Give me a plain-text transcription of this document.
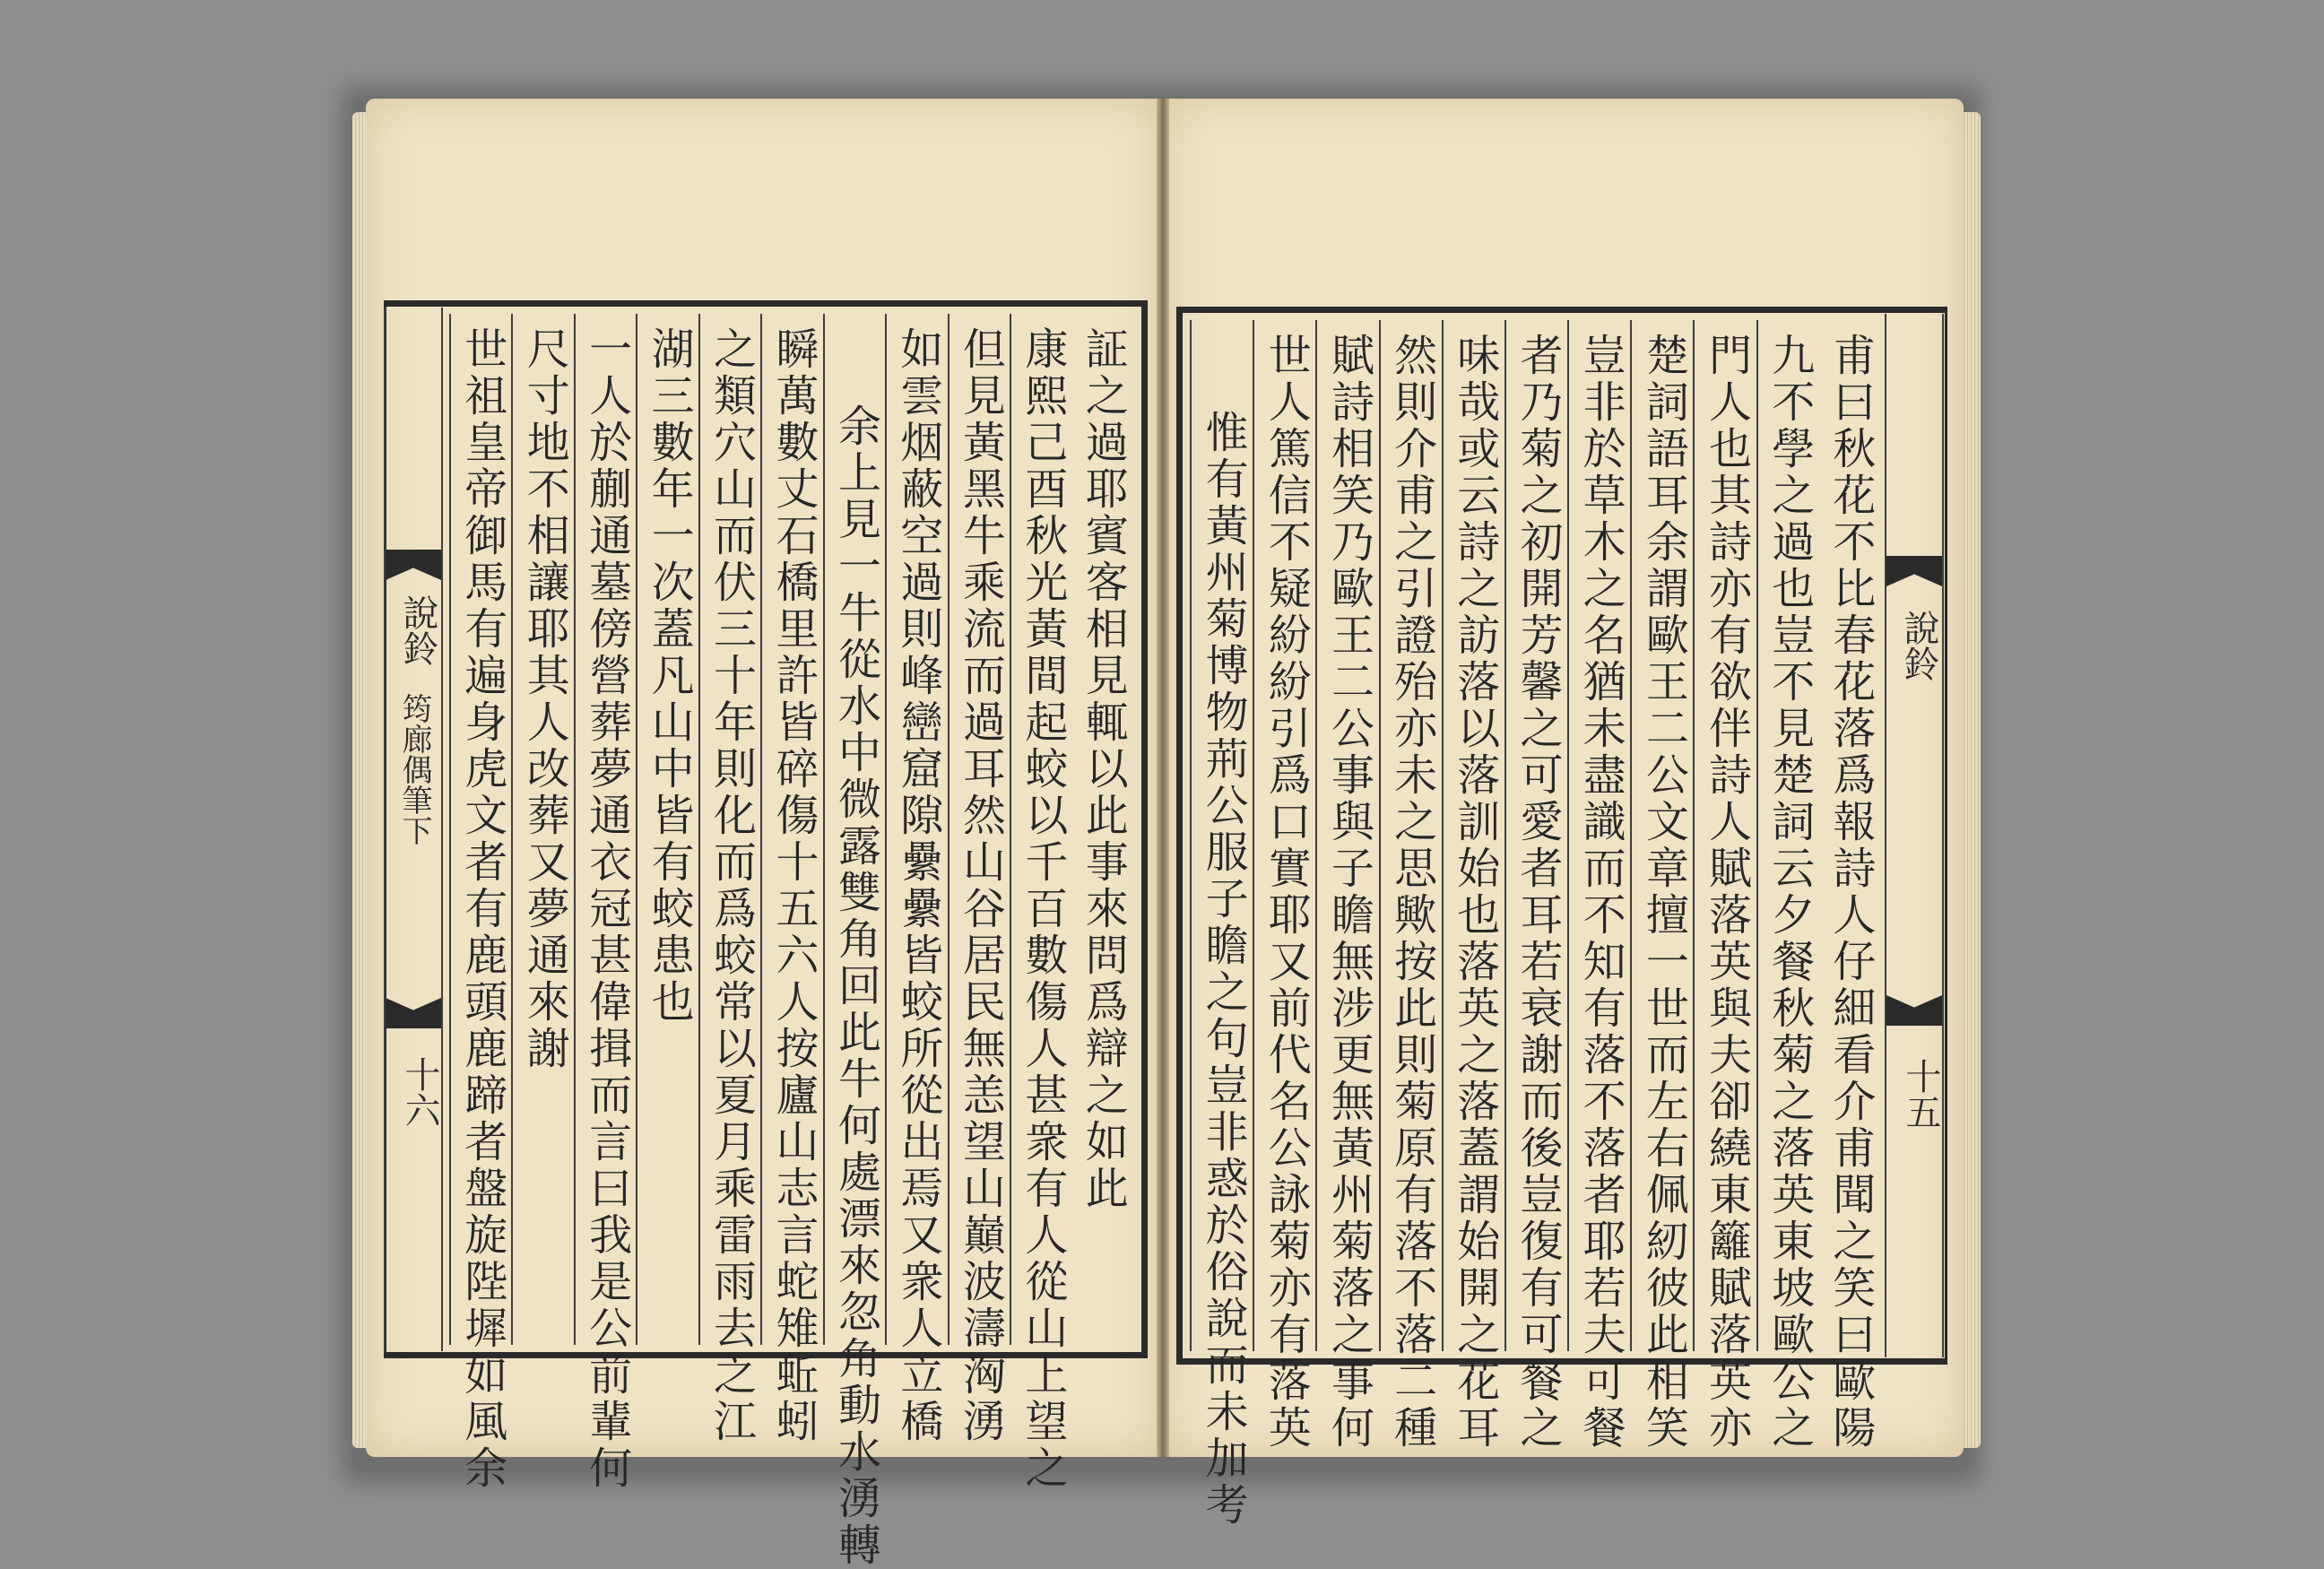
証之過耶賓客相見輒以此事來問爲辯之如此
康熙己酉秋光黃間起蛟以千百數傷人甚衆有人從山上望之
但見黃黑牛乘流而過耳然山谷居民無恙望山巔波濤洶湧
如雲烟蔽空過則峰巒窟隙纍纍皆蛟所從出焉又衆人立橋
余上見一牛從水中微露雙角回此牛何處漂來忽角動水湧轉
瞬萬數丈石橋里許皆碎傷十五六人按廬山志言蛇雉蚯蚓
之類穴山而伏三十年則化而爲蛟常以夏月乘雷雨去之江
湖三數年一次蓋凡山中皆有蛟患也
一人於蒯通墓傍營葬夢通衣冠甚偉揖而言曰我是公前輩何
尺寸地不相讓耶其人改葬又夢通來謝
世祖皇帝御馬有遍身虎文者有鹿頭鹿蹄者盤旋陛墀如風余
說鈴
筠廊偶筆下
十六	甫曰秋花不比春花落爲報詩人仔細看介甫聞之笑曰歐陽
九不學之過也豈不見楚詞云夕餐秋菊之落英東坡歐公之
門人也其詩亦有欲伴詩人賦落英與夫卻繞東籬賦落英亦
楚詞語耳余謂歐王二公文章擅一世而左右佩紉彼此相笑
豈非於草木之名猶未盡識而不知有落不落者耶若夫可餐
者乃菊之初開芳馨之可愛者耳若衰謝而後豈復有可餐之
味哉或云詩之訪落以落訓始也落英之落蓋謂始開之花耳
然則介甫之引證殆亦未之思歟按此則菊原有落不落二種
賦詩相笑乃歐王二公事與子瞻無涉更無黃州菊落之事何
世人篤信不疑紛紛引爲口實耶又前代名公詠菊亦有落英
惟有黃州菊博物荊公服子瞻之句豈非惑於俗說而未加考	說鈴
十五
